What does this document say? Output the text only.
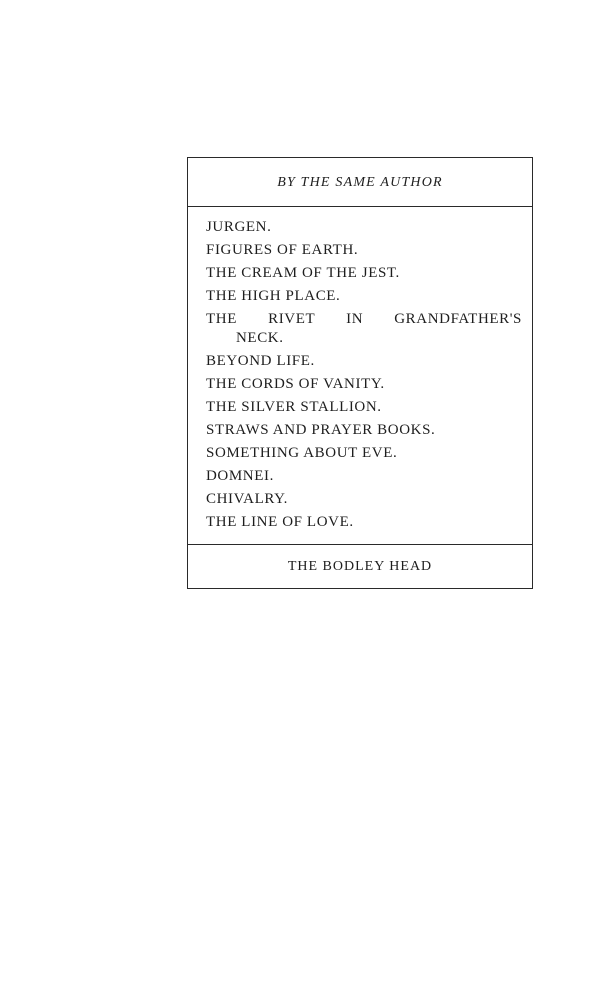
BY THE SAME AUTHOR
JURGEN.
FIGURES OF EARTH.
THE CREAM OF THE JEST.
THE HIGH PLACE.
THE RIVET IN GRANDFATHER'S NECK.
BEYOND LIFE.
THE CORDS OF VANITY.
THE SILVER STALLION.
STRAWS AND PRAYER BOOKS.
SOMETHING ABOUT EVE.
DOMNEI.
CHIVALRY.
THE LINE OF LOVE.
THE BODLEY HEAD
